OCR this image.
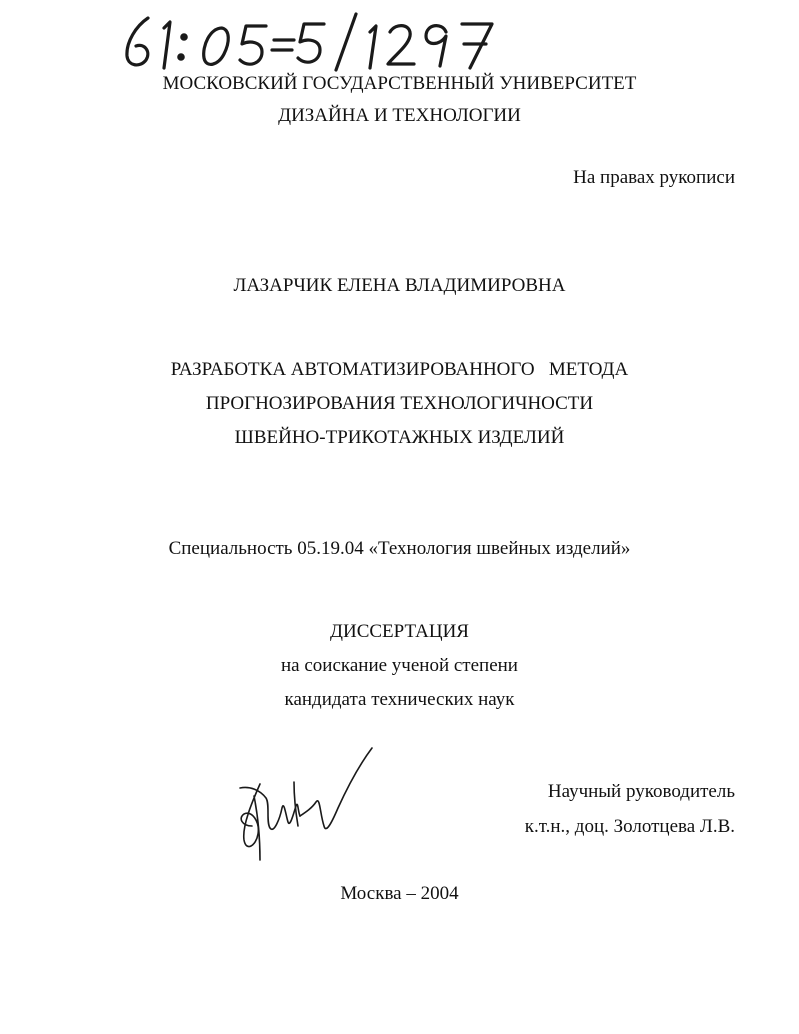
МОСКОВСКИЙ ГОСУДАРСТВЕННЫЙ УНИВЕРСИТЕТ
ДИЗАЙНА И ТЕХНОЛОГИИ
На правах рукописи
ЛАЗАРЧИК ЕЛЕНА ВЛАДИМИРОВНА
РАЗРАБОТКА АВТОМАТИЗИРОВАННОГО   МЕТОДА
ПРОГНОЗИРОВАНИЯ ТЕХНОЛОГИЧНОСТИ
ШВЕЙНО-ТРИКОТАЖНЫХ ИЗДЕЛИЙ
Специальность 05.19.04 «Технология швейных изделий»
ДИССЕРТАЦИЯ
на соискание ученой степени
кандидата технических наук
Научный руководитель
к.т.н., доц. Золотцева Л.В.
Москва – 2004
